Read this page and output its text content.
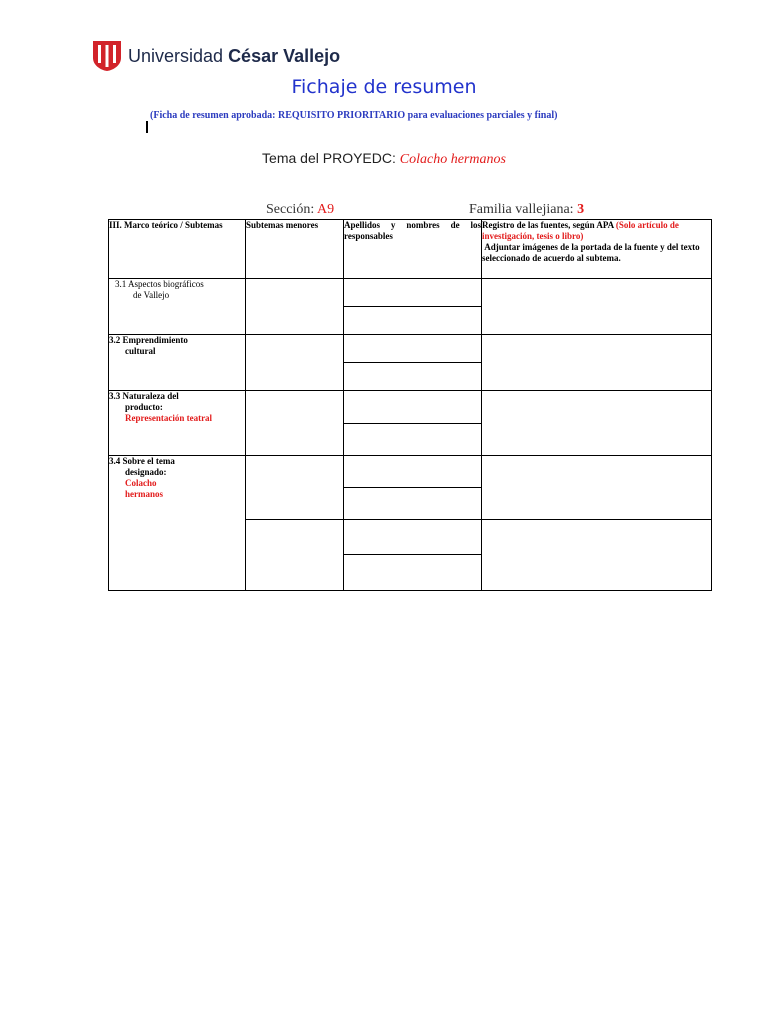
Universidad César Vallejo
Fichaje de resumen
(Ficha de resumen aprobada: REQUISITO PRIORITARIO para evaluaciones parciales y final)
Tema del PROYEDC: Colacho hermanos
Sección: A9	Familia vallejiana: 3
III. Marco teórico / Subtemas	Subtemas menores	Apellidos y nombres de los responsables	Registro de las fuentes, según APA (Solo artículo de investigación, tesis o libro)
Adjuntar imágenes de la portada de la fuente y del texto seleccionado de acuerdo al subtema.
3.1 Aspectos biográficos
de Vallejo			

3.2 Emprendimiento
cultural			

3.3 Naturaleza del
producto:
Representación teatral			

3.4 Sobre el tema
designado:
Colacho hermanos			
